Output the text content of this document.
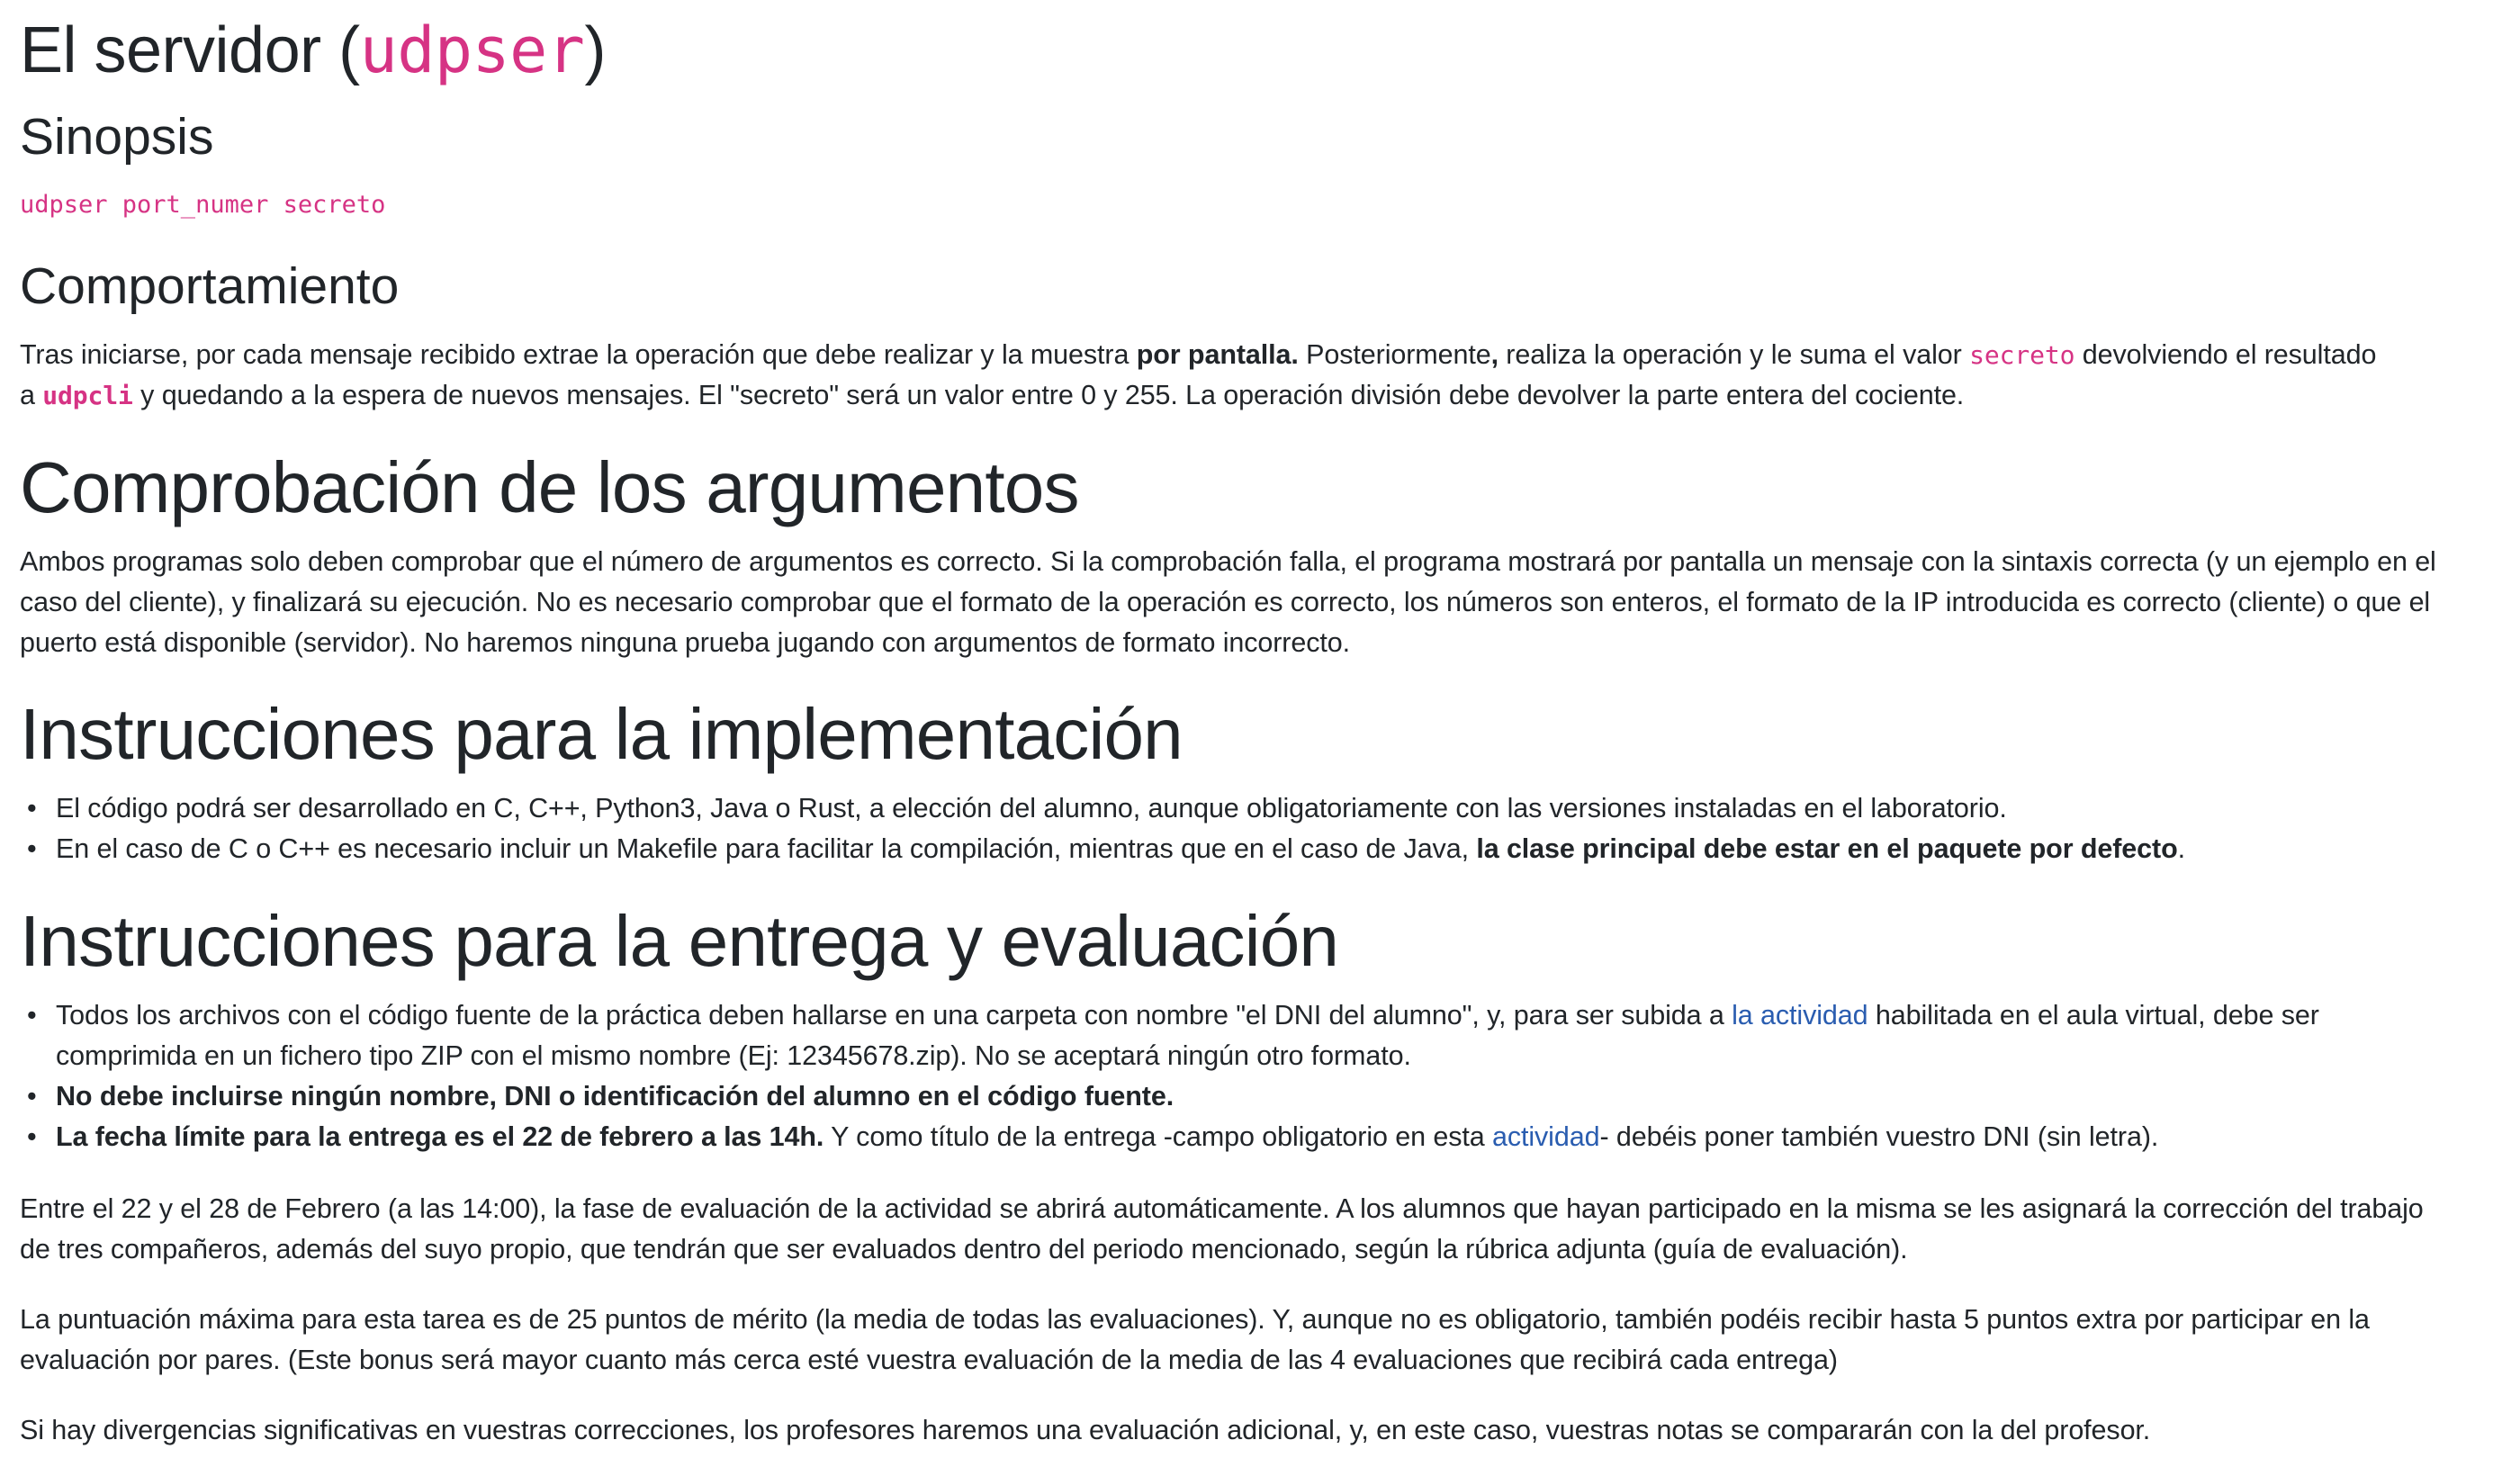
El servidor (udpser)
Sinopsis
udpser port_numer secreto
Comportamiento
Tras iniciarse, por cada mensaje recibido extrae la operación que debe realizar y la muestra por pantalla. Posteriormente, realiza la operación y le suma el valor secreto devolviendo el resultado
a udpcli y quedando a la espera de nuevos mensajes. El "secreto" será un valor entre 0 y 255. La operación división debe devolver la parte entera del cociente.
Comprobación de los argumentos
Ambos programas solo deben comprobar que el número de argumentos es correcto. Si la comprobación falla, el programa mostrará por pantalla un mensaje con la sintaxis correcta (y un ejemplo en el
caso del cliente), y finalizará su ejecución. No es necesario comprobar que el formato de la operación es correcto, los números son enteros, el formato de la IP introducida es correcto (cliente) o que el
puerto está disponible (servidor). No haremos ninguna prueba jugando con argumentos de formato incorrecto.
Instrucciones para la implementación
• El código podrá ser desarrollado en C, C++, Python3, Java o Rust, a elección del alumno, aunque obligatoriamente con las versiones instaladas en el laboratorio.
• En el caso de C o C++ es necesario incluir un Makefile para facilitar la compilación, mientras que en el caso de Java, la clase principal debe estar en el paquete por defecto.
Instrucciones para la entrega y evaluación
• Todos los archivos con el código fuente de la práctica deben hallarse en una carpeta con nombre "el DNI del alumno", y, para ser subida a la actividad habilitada en el aula virtual, debe ser
comprimida en un fichero tipo ZIP con el mismo nombre (Ej: 12345678.zip). No se aceptará ningún otro formato.
• No debe incluirse ningún nombre, DNI o identificación del alumno en el código fuente.
• La fecha límite para la entrega es el 22 de febrero a las 14h. Y como título de la entrega -campo obligatorio en esta actividad- debéis poner también vuestro DNI (sin letra).
Entre el 22 y el 28 de Febrero (a las 14:00), la fase de evaluación de la actividad se abrirá automáticamente. A los alumnos que hayan participado en la misma se les asignará la corrección del trabajo
de tres compañeros, además del suyo propio, que tendrán que ser evaluados dentro del periodo mencionado, según la rúbrica adjunta (guía de evaluación).
La puntuación máxima para esta tarea es de 25 puntos de mérito (la media de todas las evaluaciones). Y, aunque no es obligatorio, también podéis recibir hasta 5 puntos extra por participar en la
evaluación por pares. (Este bonus será mayor cuanto más cerca esté vuestra evaluación de la media de las 4 evaluaciones que recibirá cada entrega)
Si hay divergencias significativas en vuestras correcciones, los profesores haremos una evaluación adicional, y, en este caso, vuestras notas se compararán con la del profesor.
